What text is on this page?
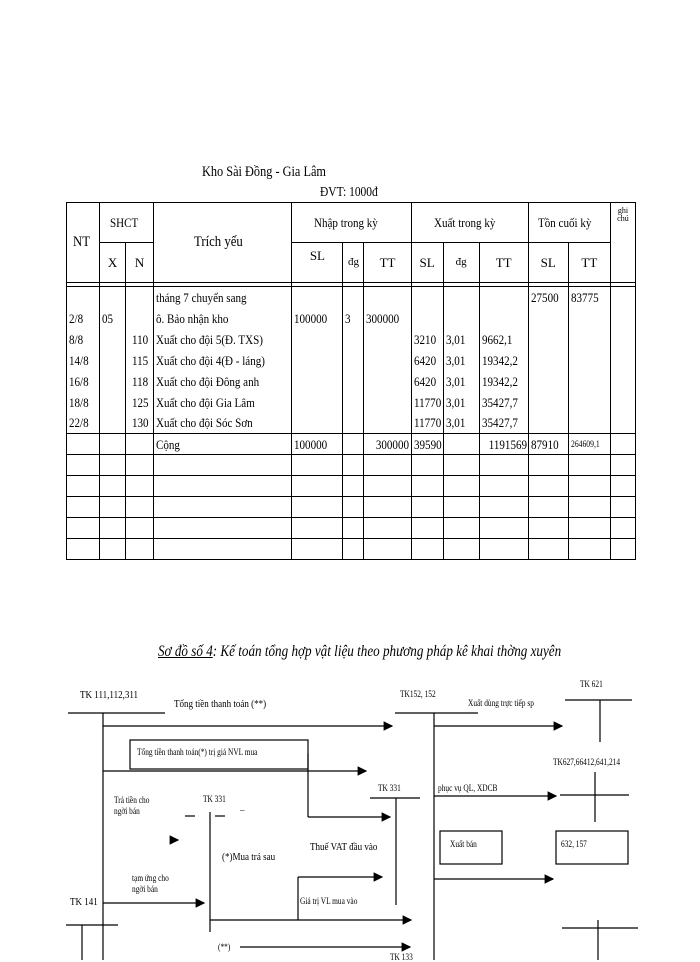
Kho Sài Đồng - Gia Lâm
ĐVT: 1000đ
NT	SHCT		Trích yếu	Nhập trong kỳ			Xuất trong kỳ			Tồn cuối kỳ		ghi chú
	X	N		SL	đg	TT	SL	đg	TT	SL	TT	

			tháng 7 chuyển sang							27500	83775	
2/8	05		ô. Bảo nhận kho	100000	3	300000						
8/8		110	Xuất cho đội 5(Đ. TXS)				3210	3,01	9662,1			
14/8		115	Xuất cho đội 4(Đ - láng)				6420	3,01	19342,2			
16/8		118	Xuất cho đội Đông anh				6420	3,01	19342,2			
18/8		125	Xuất cho đội Gia Lâm				11770	3,01	35427,7			
22/8		130	Xuất cho đội Sóc Sơn				11770	3,01	35427,7			
			Cộng	100000		300000	39590		1191569	87910	264609,1	

Sơ đồ số 4: Kế toán tổng hợp vật liệu theo phương pháp kê khai thờng xuyên
TK 111,112,311
Tổng tiền thanh toán (**)
TK152, 152
Xuất dùng trực tiếp sp
TK 621
Tổng tiền thanh toán(*) trị giá NVL mua
TK627,66412,641,214
Trả tiền cho
ngời bán
TK 331
–
TK 331	phục vụ QL, XDCB
Thuế VAT đầu vào
(*)Mua trả sau
Xuất bán	632, 157
tạm ứng cho
ngời bán
TK 141	Giá trị VL mua vào
(**)
TK 133
